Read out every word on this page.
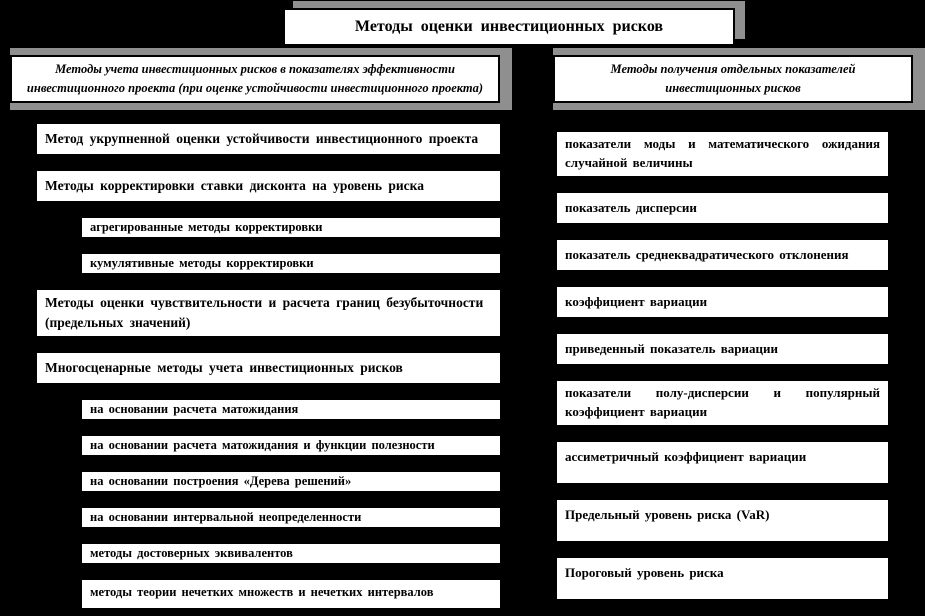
Методы оценки инвестиционных рисков
Методы учета инвестиционных рисков в показателях эффективности инвестиционного проекта (при оценке устойчивости инвестиционного проекта)
Методы получения отдельных показателей инвестиционных рисков
Метод укрупненной оценки устойчивости инвестиционного проекта
Методы корректировки ставки дисконта на уровень риска
агрегированные методы корректировки
кумулятивные методы корректировки
Методы оценки чувствительности и расчета границ безубыточности (предельных значений)
Многосценарные методы учета инвестиционных рисков
на основании расчета матожидания
на основании расчета матожидания и функции полезности
на основании построения «Дерева решений»
на основании интервальной неопределенности
методы достоверных эквивалентов
методы теории нечетких множеств и нечетких интервалов
показатели моды и математического ожидания случайной величины
показатель дисперсии
показатель среднеквадратического отклонения
коэффициент вариации
приведенный показатель вариации
показатели полу-дисперсии и популярный коэффициент вариации
ассиметричный коэффициент вариации
Предельный уровень риска (VaR)
Пороговый уровень риска
